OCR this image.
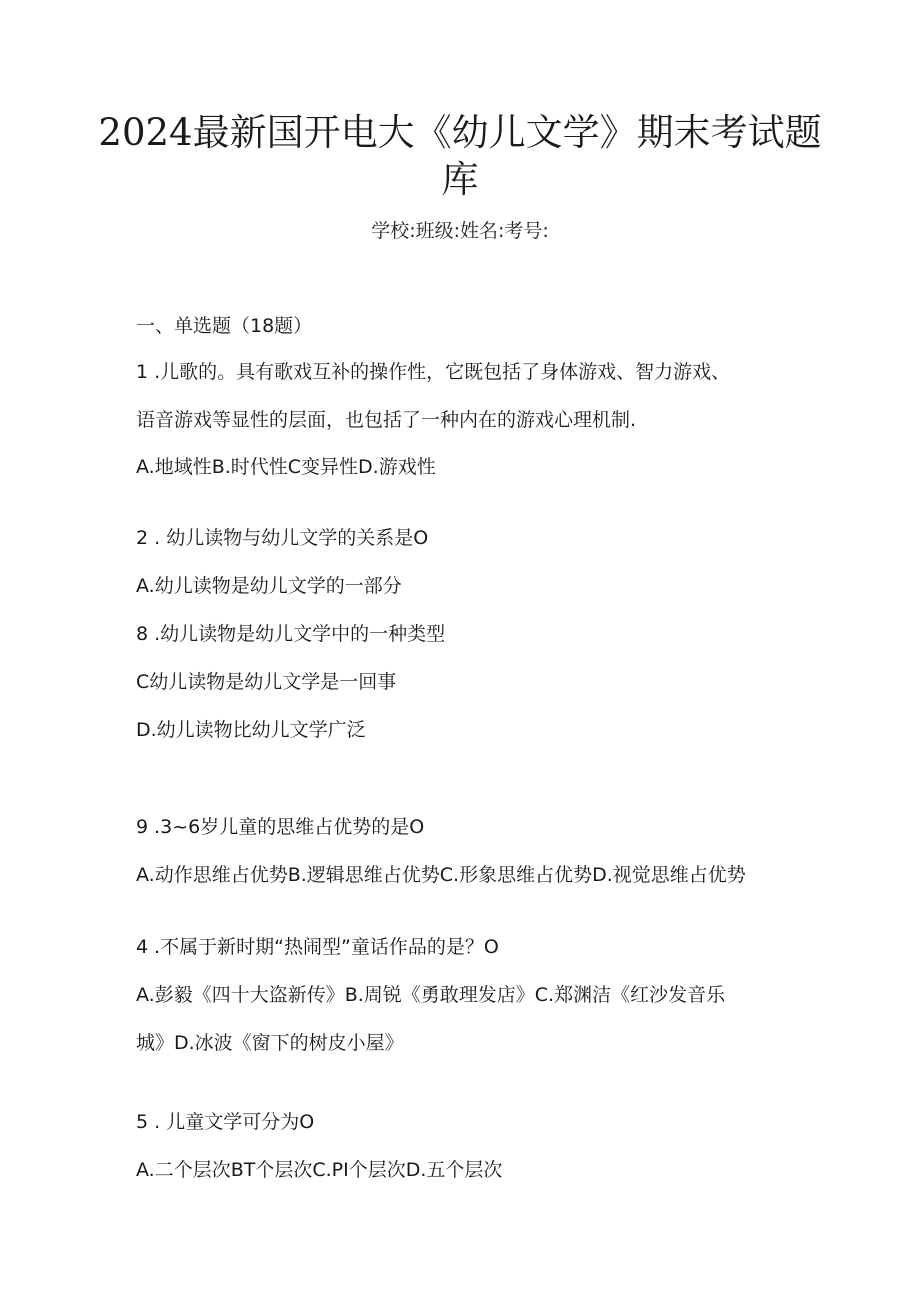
2024最新国开电大《幼儿文学》期末考试题
库
学校:班级:姓名:考号:
一、单选题（18题）
1 .儿歌的。具有歌戏互补的操作性，它既包括了身体游戏、智力游戏、
语音游戏等显性的层面，也包括了一种内在的游戏心理机制.
A.地域性B.时代性C变异性D.游戏性
2 . 幼儿读物与幼儿文学的关系是O
A.幼儿读物是幼儿文学的一部分
8 .幼儿读物是幼儿文学中的一种类型
C幼儿读物是幼儿文学是一回事
D.幼儿读物比幼儿文学广泛
9 .3~6岁儿童的思维占优势的是O
A.动作思维占优势B.逻辑思维占优势C.形象思维占优势D.视觉思维占优势
4 .不属于新时期“热闹型”童话作品的是？O
A.彭毅《四十大盗新传》B.周锐《勇敢理发店》C.郑渊洁《红沙发音乐
城》D.冰波《窗下的树皮小屋》
5 . 儿童文学可分为O
A.二个层次BT个层次C.PI个层次D.五个层次
